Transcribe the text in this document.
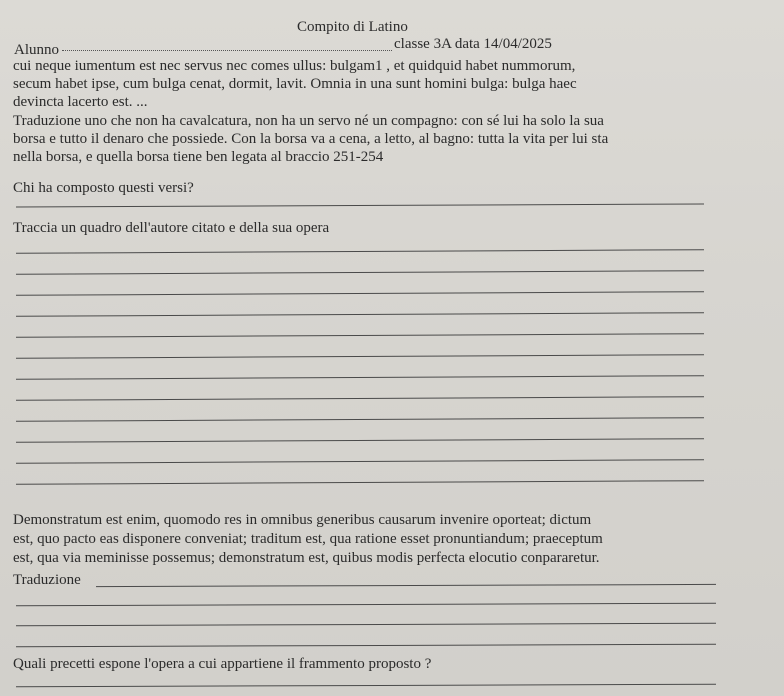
Compito di Latino
Alunno	classe 3A data 14/04/2025
cui neque iumentum est nec servus nec comes ullus: bulgam1 , et quidquid habet nummorum,
secum habet ipse, cum bulga cenat, dormit, lavit. Omnia in una sunt homini bulga: bulga haec
devincta lacerto est. ...
Traduzione uno che non ha cavalcatura, non ha un servo né un compagno: con sé lui ha solo la sua
borsa e tutto il denaro che possiede. Con la borsa va a cena, a letto, al bagno: tutta la vita per lui sta
nella borsa, e quella borsa tiene ben legata al braccio 251-254
Chi ha composto questi versi?
Traccia un quadro dell'autore citato e della sua opera
Demonstratum est enim, quomodo res in omnibus generibus causarum invenire oporteat; dictum
est, quo pacto eas disponere conveniat; traditum est, qua ratione esset pronuntiandum; praeceptum
est, qua via meminisse possemus; demonstratum est, quibus modis perfecta elocutio conpararetur.
Traduzione
Quali precetti espone l'opera a cui appartiene il frammento proposto ?
